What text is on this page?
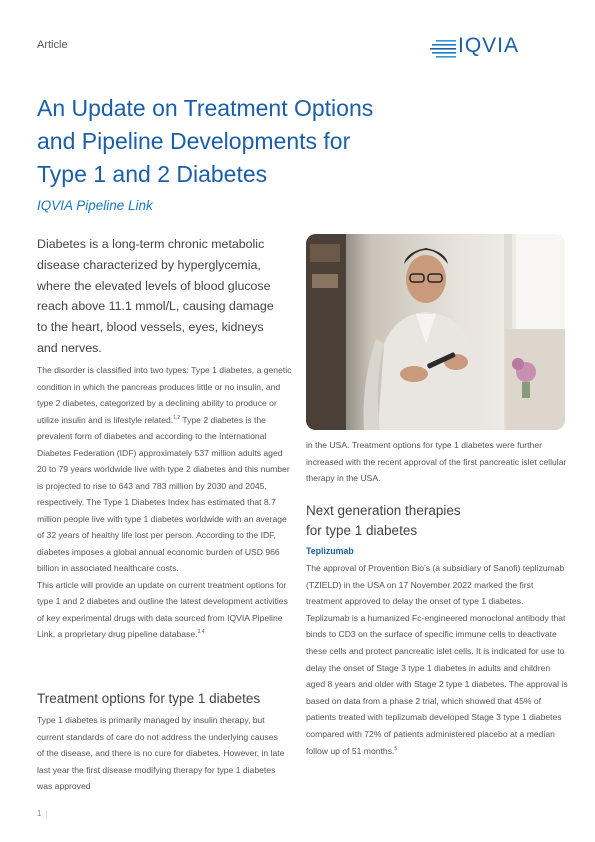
Article	IQVIA
An Update on Treatment Options
and Pipeline Developments for
Type 1 and 2 Diabetes
IQVIA Pipeline Link
Diabetes is a long-term chronic metabolic disease characterized by hyperglycemia, where the elevated levels of blood glucose reach above 11.1 mmol/L, causing damage to the heart, blood vessels, eyes, kidneys and nerves.

The disorder is classified into two types: Type 1 diabetes, a genetic condition in which the pancreas produces little or no insulin, and type 2 diabetes, categorized by a declining ability to produce or utilize insulin and is lifestyle related.$^{1,2}$ Type 2 diabetes is the prevalent form of diabetes and according to the International Diabetes Federation (IDF) approximately 537 million adults aged 20 to 79 years worldwide live with type 2 diabetes and this number is projected to rise to 643 and 783 million by 2030 and 2045, respectively. The Type 1 Diabetes Index has estimated that 8.7 million people live with type 1 diabetes worldwide with an average of 32 years of healthy life lost per person. According to the IDF, diabetes imposes a global annual economic burden of USD 966 billion in associated healthcare costs.

This article will provide an update on current treatment options for type 1 and 2 diabetes and outline the latest development activities of key experimental drugs with data sourced from IQVIA Pipeline Link, a proprietary drug pipeline database.$^{3,4}$

Treatment options for type 1 diabetes
Type 1 diabetes is primarily managed by insulin therapy, but current standards of care do not address the underlying causes of the disease, and there is no cure for diabetes. However, in late last year the first disease modifying therapy for type 1 diabetes was approved
in the USA. Treatment options for type 1 diabetes were further increased with the recent approval of the first pancreatic islet cellular therapy in the USA.
Next generation therapies
for type 1 diabetes
Teplizumab
The approval of Provention Bio’s (a subsidiary of Sanofi) teplizumab (TZIELD) in the USA on 17 November 2022 marked the first treatment approved to delay the onset of type 1 diabetes. Teplizumab is a humanized Fc-engineered monoclonal antibody that binds to CD3 on the surface of specific immune cells to deactivate these cells and protect pancreatic islet cells. It is indicated for use to delay the onset of Stage 3 type 1 diabetes in adults and children aged 8 years and older with Stage 2 type 1 diabetes. The approval is based on data from a phase 2 trial, which showed that 45% of patients treated with teplizumab developed Stage 3 type 1 diabetes compared with 72% of patients administered placebo at a median follow up of 51 months.$^5$
1 |
